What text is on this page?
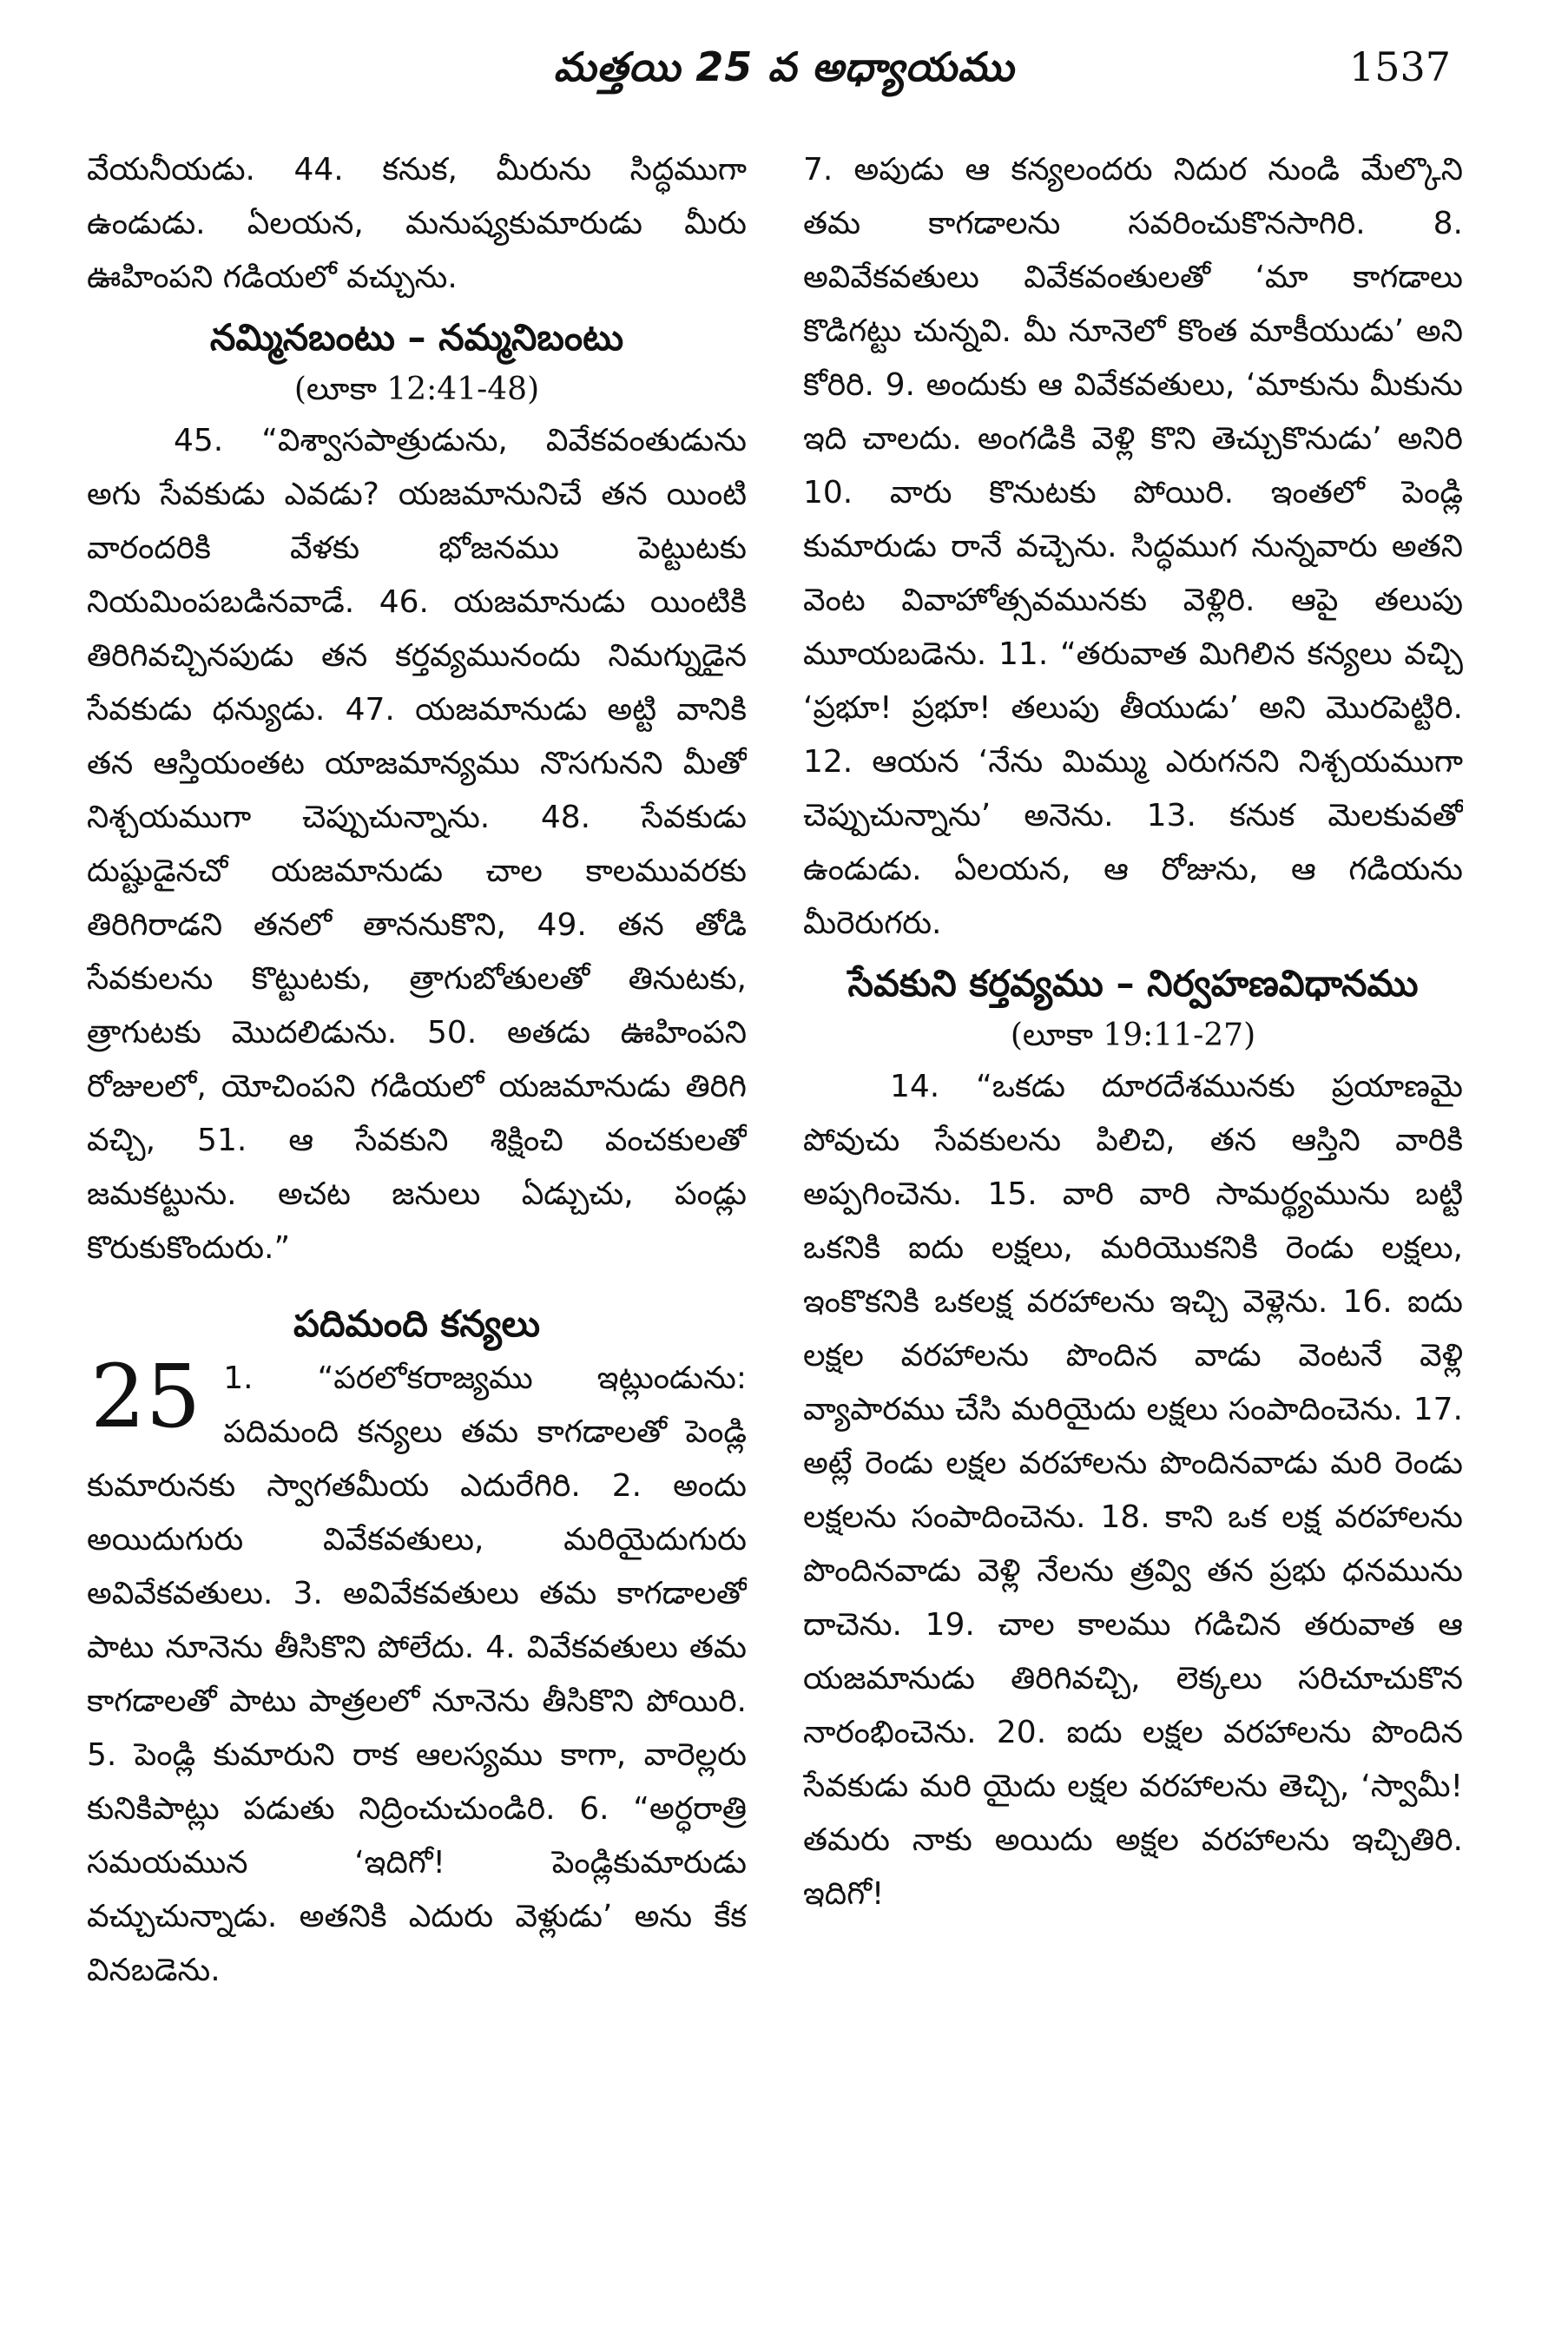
మత్తయి 25 వ అధ్యాయము	1537

వేయనీయడు. 44. కనుక, మీరును సిద్ధముగా ఉండుడు. ఏలయన, మనుష్యకుమారుడు మీరు ఊహింపని గడియలో వచ్చును.

నమ్మినబంటు – నమ్మనిబంటు
(లూకా 12:41-48)

45. “విశ్వాసపాత్రుడును, వివేకవంతుడును అగు సేవకుడు ఎవడు? యజమానునిచే తన యింటి వారందరికి వేళకు భోజనము పెట్టుటకు నియమింపబడినవాడే. 46. యజమానుడు యింటికి తిరిగివచ్చినపుడు తన కర్తవ్యమునందు నిమగ్నుడైన సేవకుడు ధన్యుడు. 47. యజమానుడు అట్టి వానికి తన ఆస్తియంతట యాజమాన్యము నొసగునని మీతో నిశ్చయముగా చెప్పుచున్నాను. 48. సేవకుడు దుష్టుడైనచో యజమానుడు చాల కాలమువరకు తిరిగిరాడని తనలో తాననుకొని, 49. తన తోడి సేవకులను కొట్టుటకు, త్రాగుబోతులతో తినుటకు, త్రాగుటకు మొదలిడును. 50. అతడు ఊహింపని రోజులలో, యోచింపని గడియలో యజమానుడు తిరిగి వచ్చి, 51. ఆ సేవకుని శిక్షించి వంచకులతో జమకట్టును. అచట జనులు ఏడ్చుచు, పండ్లు కొరుకుకొందురు.”

పదిమంది కన్యలు
25 1. “పరలోకరాజ్యము ఇట్లుండును: పదిమంది కన్యలు తమ కాగడాలతో పెండ్లి కుమారునకు స్వాగతమీయ ఎదురేగిరి. 2. అందు అయిదుగురు వివేకవతులు, మరియైదుగురు అవివేకవతులు. 3. అవివేకవతులు తమ కాగడాలతో పాటు నూనెను తీసికొని పోలేదు. 4. వివేకవతులు తమ కాగడాలతో పాటు పాత్రలలో నూనెను తీసికొని పోయిరి. 5. పెండ్లి కుమారుని రాక ఆలస్యము కాగా, వారెల్లరు కునికిపాట్లు పడుతు నిద్రించుచుండిరి. 6. “అర్ధరాత్రి సమయమున ‘ఇదిగో! పెండ్లికుమారుడు వచ్చుచున్నాడు. అతనికి ఎదురు వెళ్లుడు’ అను కేక వినబడెను.

7. అపుడు ఆ కన్యలందరు నిదుర నుండి మేల్కొని తమ కాగడాలను సవరించుకొనసాగిరి. 8. అవివేకవతులు వివేకవంతులతో ‘మా కాగడాలు కొడిగట్టు చున్నవి. మీ నూనెలో కొంత మాకీయుడు’ అని కోరిరి. 9. అందుకు ఆ వివేకవతులు, ‘మాకును మీకును ఇది చాలదు. అంగడికి వెళ్లి కొని తెచ్చుకొనుడు’ అనిరి 10. వారు కొనుటకు పోయిరి. ఇంతలో పెండ్లి కుమారుడు రానే వచ్చెను. సిద్ధముగ నున్నవారు అతని వెంట వివాహోత్సవమునకు వెళ్లిరి. ఆపై తలుపు మూయబడెను. 11. “తరువాత మిగిలిన కన్యలు వచ్చి ‘ప్రభూ! ప్రభూ! తలుపు తీయుడు’ అని మొరపెట్టిరి. 12. ఆయన ‘నేను మిమ్ము ఎరుగనని నిశ్చయముగా చెప్పుచున్నాను’ అనెను. 13. కనుక మెలకువతో ఉండుడు. ఏలయన, ఆ రోజును, ఆ గడియను మీరెరుగరు.

సేవకుని కర్తవ్యము – నిర్వహణవిధానము
(లూకా 19:11-27)

14. “ఒకడు దూరదేశమునకు ప్రయాణమై పోవుచు సేవకులను పిలిచి, తన ఆస్తిని వారికి అప్పగించెను. 15. వారి వారి సామర్థ్యమును బట్టి ఒకనికి ఐదు లక్షలు, మరియొకనికి రెండు లక్షలు, ఇంకొకనికి ఒకలక్ష వరహాలను ఇచ్చి వెళ్లెను. 16. ఐదు లక్షల వరహాలను పొందిన వాడు వెంటనే వెళ్లి వ్యాపారము చేసి మరియైదు లక్షలు సంపాదించెను. 17. అట్లే రెండు లక్షల వరహాలను పొందినవాడు మరి రెండు లక్షలను సంపాదించెను. 18. కాని ఒక లక్ష వరహాలను పొందినవాడు వెళ్లి నేలను త్రవ్వి తన ప్రభు ధనమును దాచెను. 19. చాల కాలము గడిచిన తరువాత ఆ యజమానుడు తిరిగివచ్చి, లెక్కలు సరిచూచుకొన నారంభించెను. 20. ఐదు లక్షల వరహాలను పొందిన సేవకుడు మరి యైదు లక్షల వరహాలను తెచ్చి, ‘స్వామీ! తమరు నాకు అయిదు అక్షల వరహాలను ఇచ్చితిరి. ఇదిగో!
